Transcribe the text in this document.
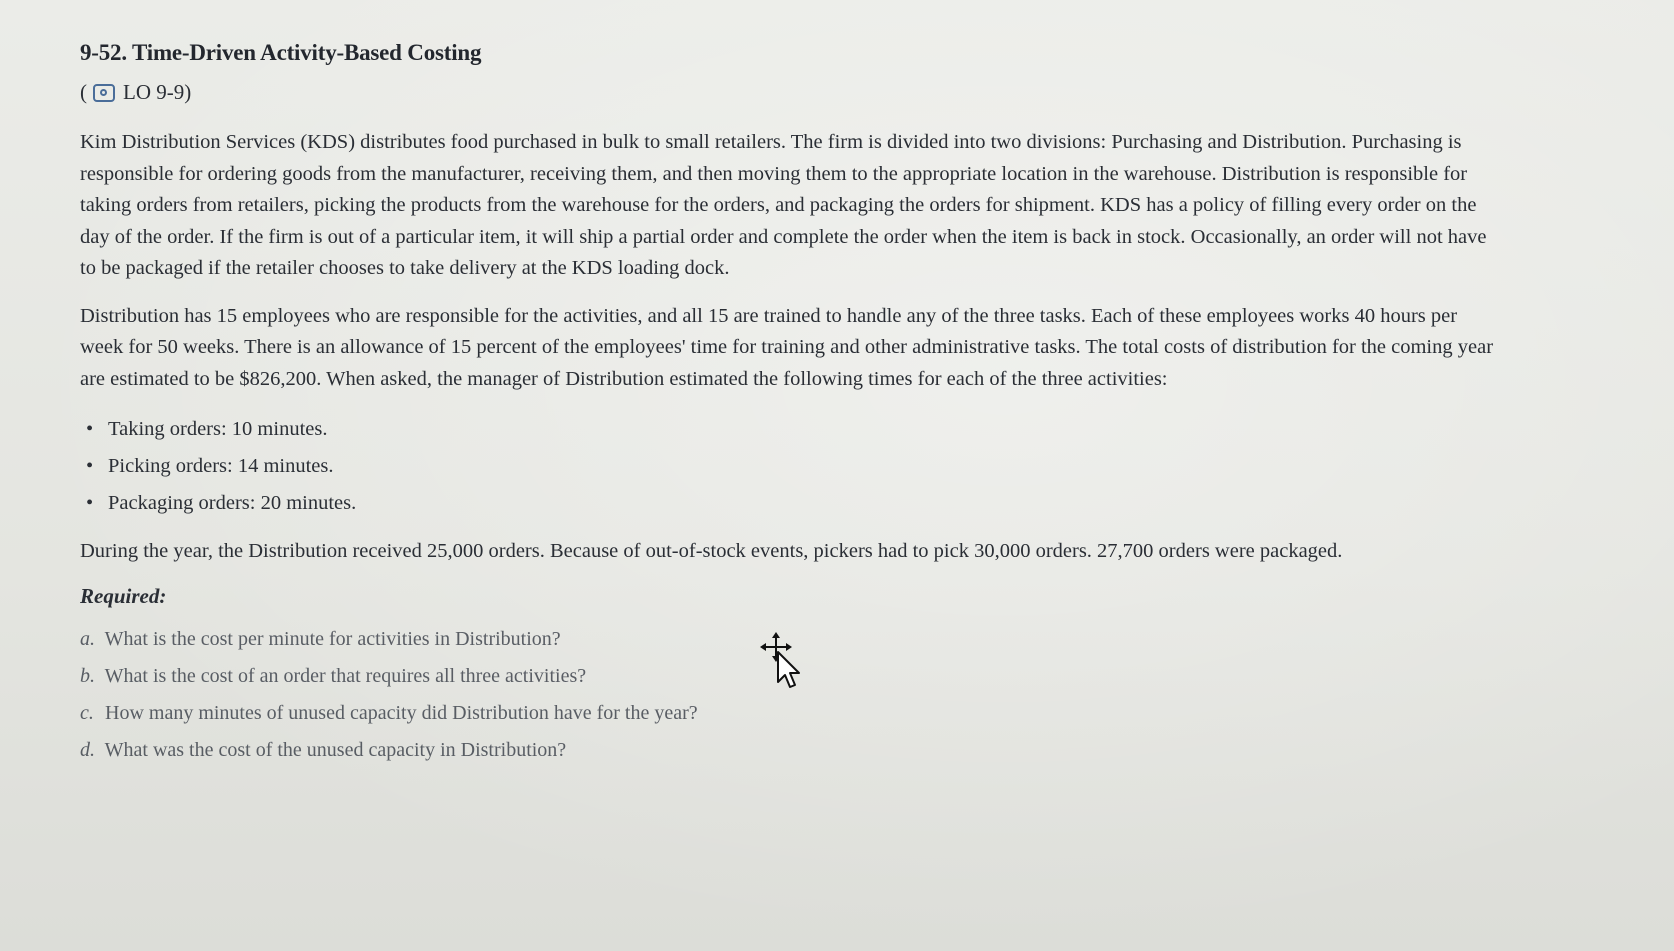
9-52. Time-Driven Activity-Based Costing
( LO 9-9)

Kim Distribution Services (KDS) distributes food purchased in bulk to small retailers. The firm is divided into two divisions: Purchasing and Distribution. Purchasing is responsible for ordering goods from the manufacturer, receiving them, and then moving them to the appropriate location in the warehouse. Distribution is responsible for taking orders from retailers, picking the products from the warehouse for the orders, and packaging the orders for shipment. KDS has a policy of filling every order on the day of the order. If the firm is out of a particular item, it will ship a partial order and complete the order when the item is back in stock. Occasionally, an order will not have to be packaged if the retailer chooses to take delivery at the KDS loading dock.

Distribution has 15 employees who are responsible for the activities, and all 15 are trained to handle any of the three tasks. Each of these employees works 40 hours per week for 50 weeks. There is an allowance of 15 percent of the employees' time for training and other administrative tasks. The total costs of distribution for the coming year are estimated to be $826,200. When asked, the manager of Distribution estimated the following times for each of the three activities:

• Taking orders: 10 minutes.
• Picking orders: 14 minutes.
• Packaging orders: 20 minutes.

During the year, the Distribution received 25,000 orders. Because of out-of-stock events, pickers had to pick 30,000 orders. 27,700 orders were packaged.

Required:
a. What is the cost per minute for activities in Distribution?
b. What is the cost of an order that requires all three activities?
c. How many minutes of unused capacity did Distribution have for the year?
d. What was the cost of the unused capacity in Distribution?
